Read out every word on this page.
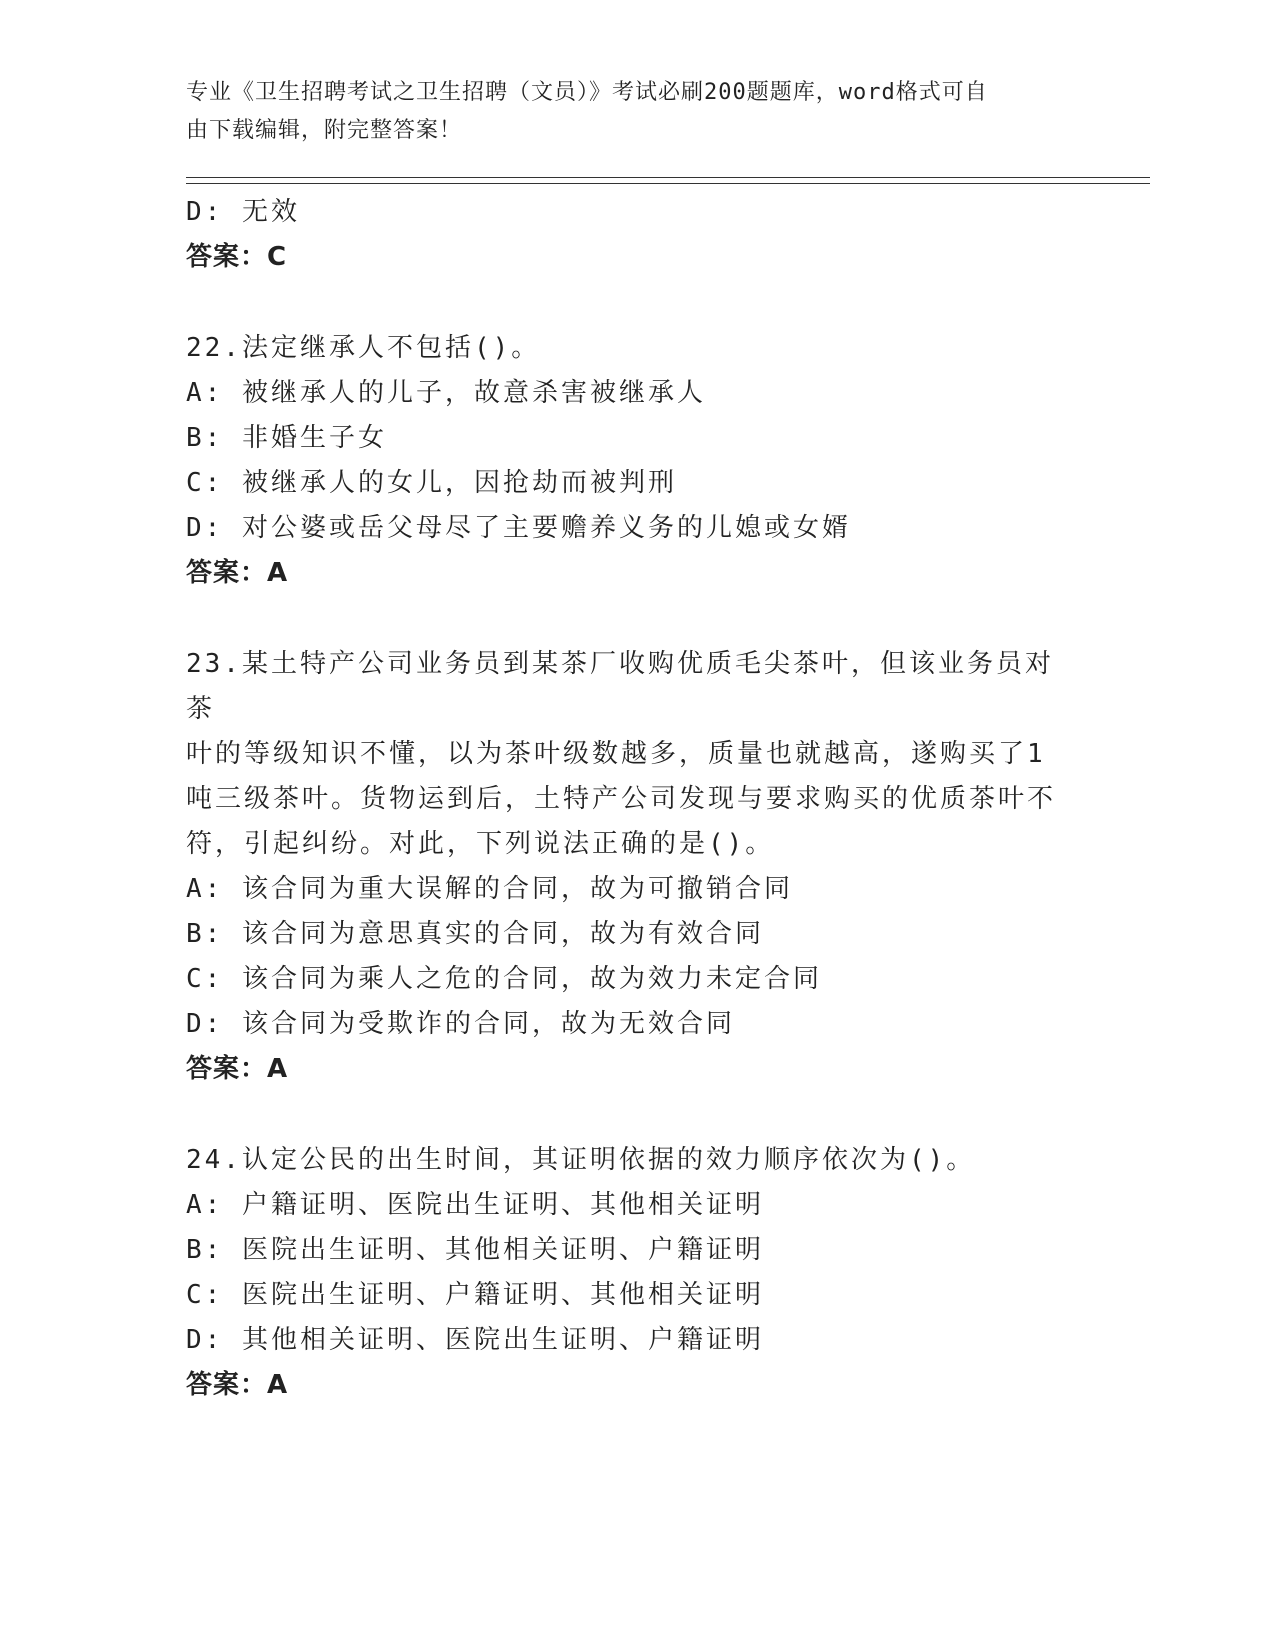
专业《卫生招聘考试之卫生招聘（文员）》考试必刷200题题库，word格式可自
由下载编辑，附完整答案！
D: 无效
答案：C
22.法定继承人不包括()。
A: 被继承人的儿子，故意杀害被继承人
B: 非婚生子女
C: 被继承人的女儿，因抢劫而被判刑
D: 对公婆或岳父母尽了主要赡养义务的儿媳或女婿
答案：A
23.某土特产公司业务员到某茶厂收购优质毛尖茶叶，但该业务员对茶
叶的等级知识不懂，以为茶叶级数越多，质量也就越高，遂购买了1
吨三级茶叶。货物运到后，土特产公司发现与要求购买的优质茶叶不
符，引起纠纷。对此，下列说法正确的是()。
A: 该合同为重大误解的合同，故为可撤销合同
B: 该合同为意思真实的合同，故为有效合同
C: 该合同为乘人之危的合同，故为效力未定合同
D: 该合同为受欺诈的合同，故为无效合同
答案：A
24.认定公民的出生时间，其证明依据的效力顺序依次为()。
A: 户籍证明、医院出生证明、其他相关证明
B: 医院出生证明、其他相关证明、户籍证明
C: 医院出生证明、户籍证明、其他相关证明
D: 其他相关证明、医院出生证明、户籍证明
答案：A
